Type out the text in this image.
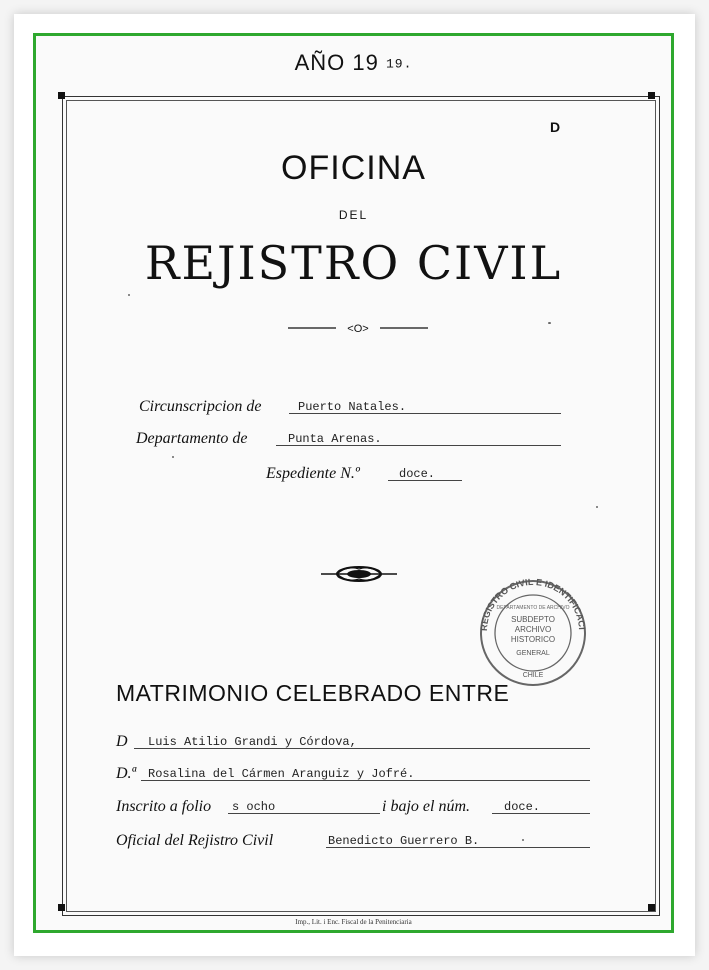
AÑO 19 19.
D
OFICINA
DEL
REJISTRO CIVIL
<O>
Circunscripcion de	Puerto Natales.
Departamento de	Punta Arenas.
Espediente N.º	doce.
REGISTRO CIVIL E IDENTIFICACI
DEPARTAMENTO DE ARCHIVO
SUBDEPTO
ARCHIVO
HISTORICO
GENERAL
CHILE
MATRIMONIO CELEBRADO ENTRE
D Luis Atilio Grandi y Córdova,
D.ª Rosalina del Cármen Aranguiz y Jofré.
Inscrito a folio s ocho	i bajo el núm.	doce.
Oficial del Rejistro Civil	Benedicto Guerrero B.
Imp., Lit. i Enc. Fiscal de la Penitenciaria
